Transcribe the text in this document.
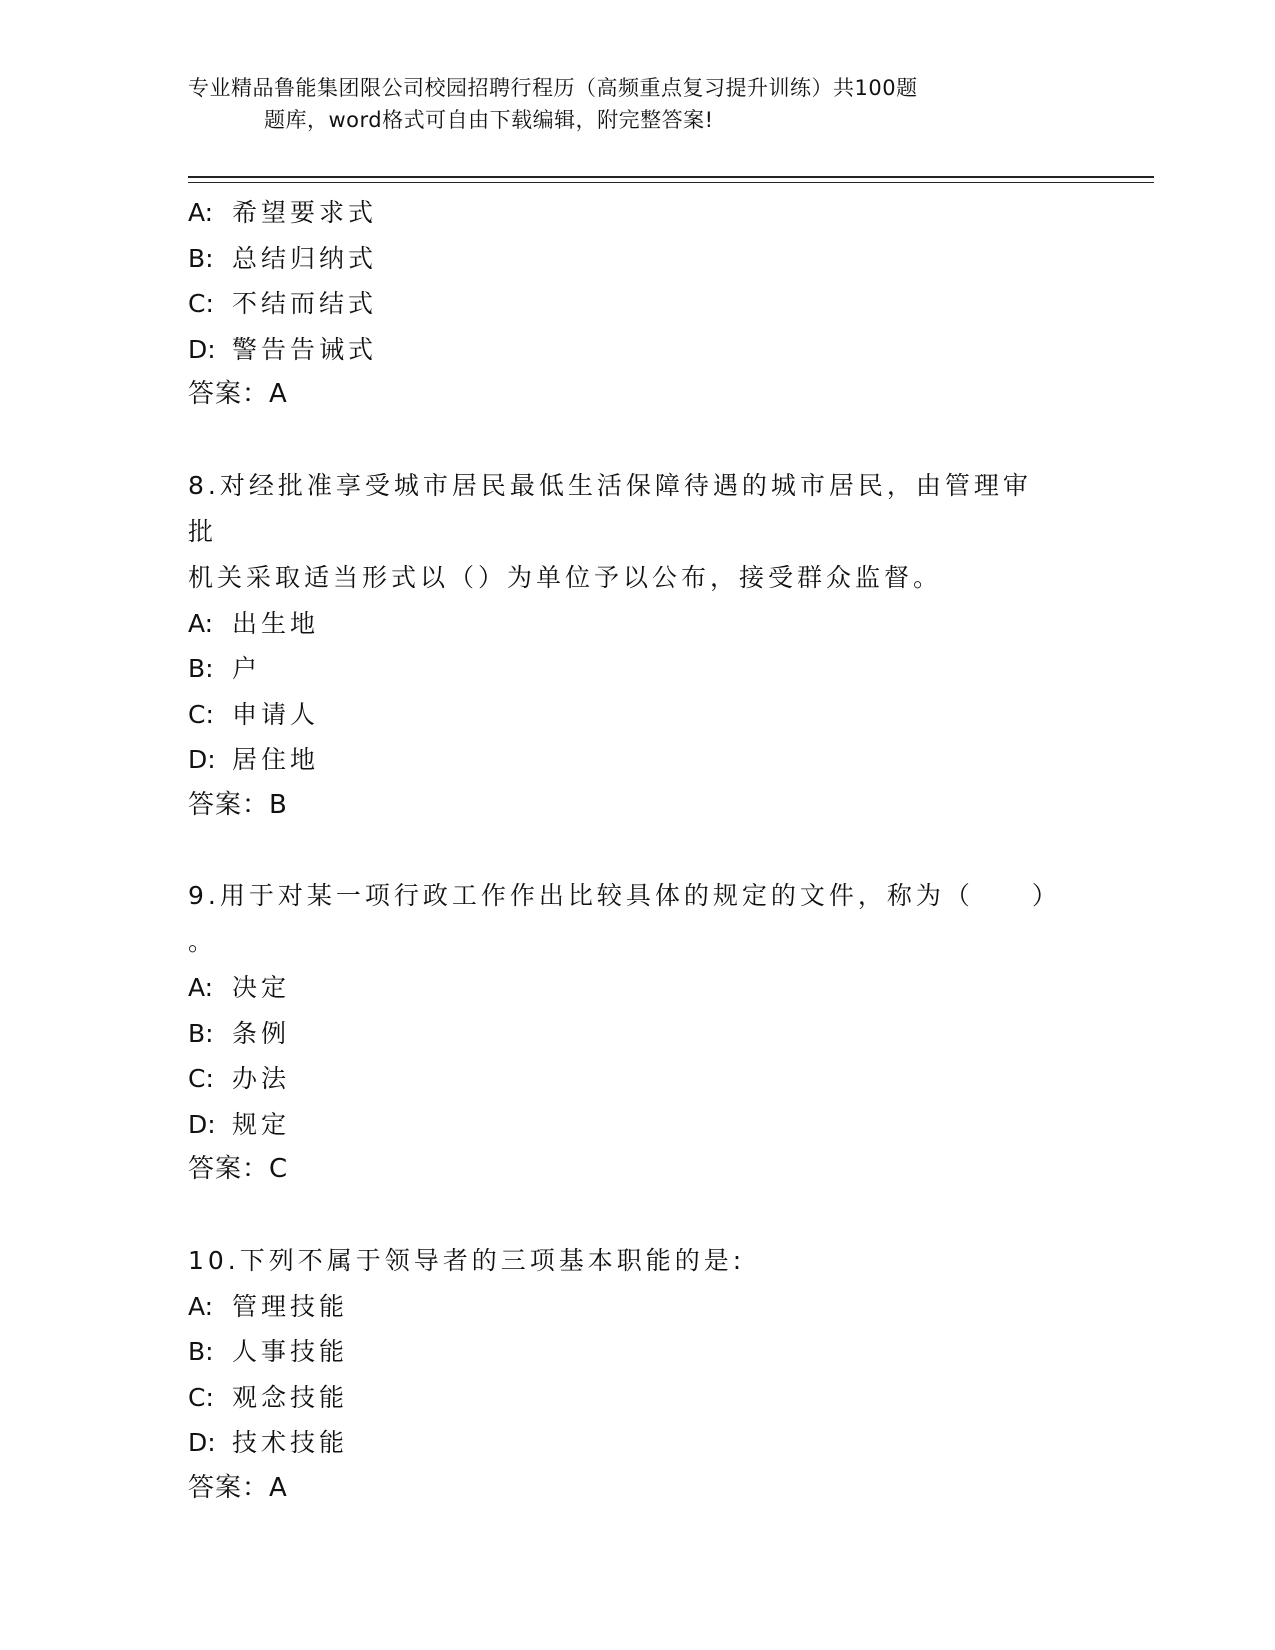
专业精品鲁能集团限公司校园招聘行程历（高频重点复习提升训练）共100题
题库，word格式可自由下载编辑，附完整答案!
A: 希望要求式
B: 总结归纳式
C: 不结而结式
D: 警告告诫式
答案：A
8.对经批准享受城市居民最低生活保障待遇的城市居民，由管理审批
机关采取适当形式以（）为单位予以公布，接受群众监督。
A: 出生地
B: 户
C: 申请人
D: 居住地
答案：B
9.用于对某一项行政工作作出比较具体的规定的文件，称为（　　）
。
A: 决定
B: 条例
C: 办法
D: 规定
答案：C
10.下列不属于领导者的三项基本职能的是:
A: 管理技能
B: 人事技能
C: 观念技能
D: 技术技能
答案：A
